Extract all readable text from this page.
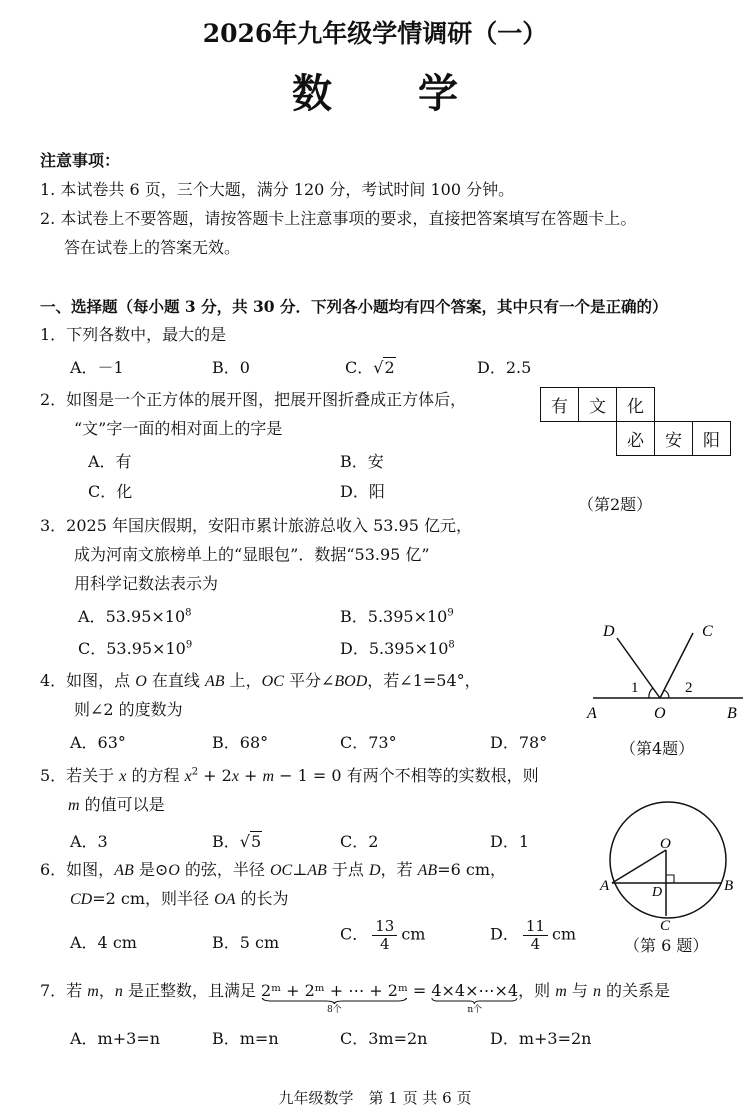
2026年九年级学情调研（一）
数 学
注意事项：
1. 本试卷共 6 页，三个大题，满分 120 分，考试时间 100 分钟。
2. 本试卷上不要答题，请按答题卡上注意事项的要求，直接把答案填写在答题卡上。
答在试卷上的答案无效。
一、选择题（每小题 3 分，共 30 分．下列各小题均有四个答案，其中只有一个是正确的）
1．下列各数中，最大的是
A．－1	B．0	C．√2	D．2.5
2．如图是一个正方体的展开图，把展开图折叠成正方体后，
“文”字一面的相对面上的字是
A．有	B．安
C．化	D．阳
有	文	化		
		必	安	阳
（第2题）
3．2025 年国庆假期，安阳市累计旅游总收入 53.95 亿元，
成为河南文旅榜单上的“显眼包”．数据“53.95 亿”
用科学记数法表示为
A．$53.95\times 10^8$	B．$5.395\times 10^9$
C．$53.95\times 10^9$	D．$5.395\times 10^8$
D	C
1	2
A	O	B
（第4题）
4．如图，点 O 在直线 AB 上，OC 平分∠BOD，若∠1=54°，
则∠2 的度数为
A．63°	B．68°	C．73°	D．78°
5．若关于 x 的方程 $x^2 + 2x + m - 1 = 0$ 有两个不相等的实数根，则
m 的值可以是
A．3	B．√5	C．2	D．1	O
A	B
D
C
（第 6 题）
6．如图，AB 是⊙O 的弦，半径 OC⊥AB 于点 D，若 AB=6 cm，
CD=2 cm，则半径 OA 的长为
A．4 cm	B．5 cm	C． $\frac{13}{4}$ cm	D． $\frac{11}{4}$ cm
7．若 m，n 是正整数，且满足 2ᵐ + 2ᵐ + ⋯ + 2ᵐ
8个
= 4×4×⋯×4
n个
，则 m 与 n 的关系是
A．m+3=n	B．m=n	C．3m=2n	D．m+3=2n
九年级数学　第 1 页 共 6 页
